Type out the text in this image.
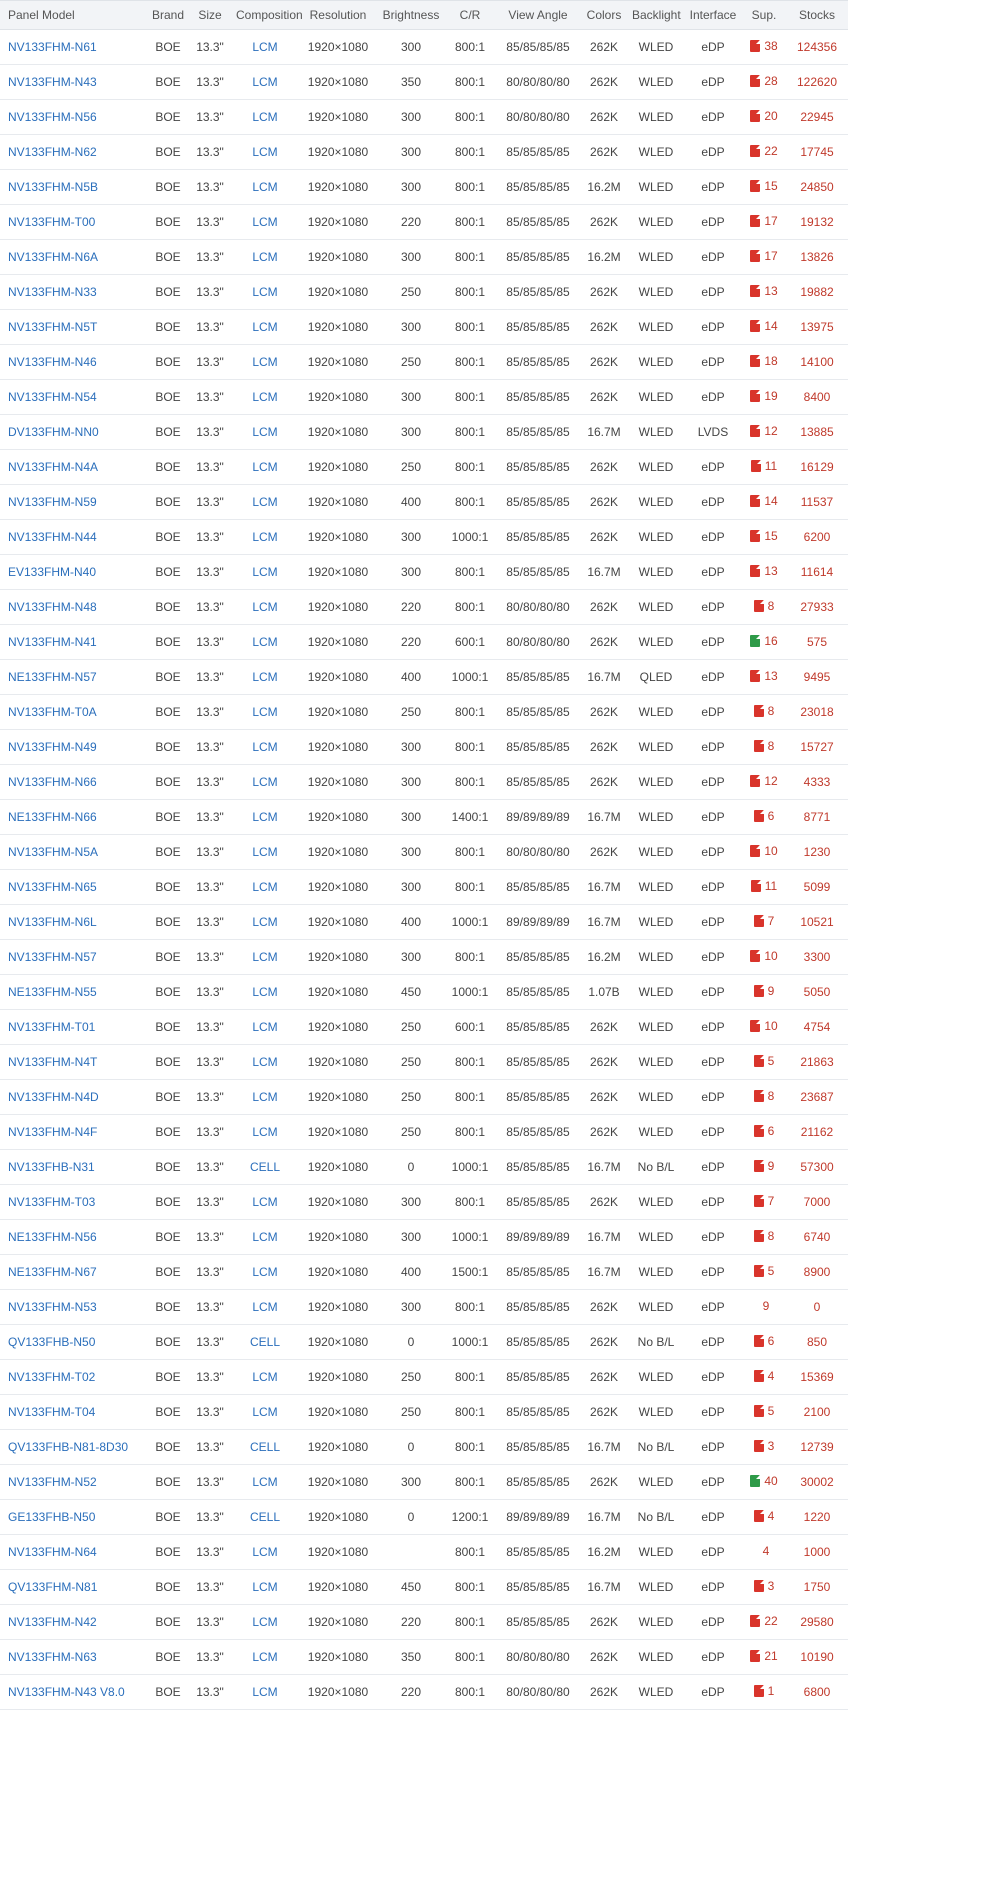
Panel Model	Brand	Size	Composition	Resolution	Brightness	C/R	View Angle	Colors	Backlight	Interface	Sup.	Stocks
NV133FHM-N61	BOE	13.3"	LCM	1920×1080	300	800:1	85/85/85/85	262K	WLED	eDP	38	124356
NV133FHM-N43	BOE	13.3"	LCM	1920×1080	350	800:1	80/80/80/80	262K	WLED	eDP	28	122620
NV133FHM-N56	BOE	13.3"	LCM	1920×1080	300	800:1	80/80/80/80	262K	WLED	eDP	20	22945
NV133FHM-N62	BOE	13.3"	LCM	1920×1080	300	800:1	85/85/85/85	262K	WLED	eDP	22	17745
NV133FHM-N5B	BOE	13.3"	LCM	1920×1080	300	800:1	85/85/85/85	16.2M	WLED	eDP	15	24850
NV133FHM-T00	BOE	13.3"	LCM	1920×1080	220	800:1	85/85/85/85	262K	WLED	eDP	17	19132
NV133FHM-N6A	BOE	13.3"	LCM	1920×1080	300	800:1	85/85/85/85	16.2M	WLED	eDP	17	13826
NV133FHM-N33	BOE	13.3"	LCM	1920×1080	250	800:1	85/85/85/85	262K	WLED	eDP	13	19882
NV133FHM-N5T	BOE	13.3"	LCM	1920×1080	300	800:1	85/85/85/85	262K	WLED	eDP	14	13975
NV133FHM-N46	BOE	13.3"	LCM	1920×1080	250	800:1	85/85/85/85	262K	WLED	eDP	18	14100
NV133FHM-N54	BOE	13.3"	LCM	1920×1080	300	800:1	85/85/85/85	262K	WLED	eDP	19	8400
DV133FHM-NN0	BOE	13.3"	LCM	1920×1080	300	800:1	85/85/85/85	16.7M	WLED	LVDS	12	13885
NV133FHM-N4A	BOE	13.3"	LCM	1920×1080	250	800:1	85/85/85/85	262K	WLED	eDP	11	16129
NV133FHM-N59	BOE	13.3"	LCM	1920×1080	400	800:1	85/85/85/85	262K	WLED	eDP	14	11537
NV133FHM-N44	BOE	13.3"	LCM	1920×1080	300	1000:1	85/85/85/85	262K	WLED	eDP	15	6200
EV133FHM-N40	BOE	13.3"	LCM	1920×1080	300	800:1	85/85/85/85	16.7M	WLED	eDP	13	11614
NV133FHM-N48	BOE	13.3"	LCM	1920×1080	220	800:1	80/80/80/80	262K	WLED	eDP	8	27933
NV133FHM-N41	BOE	13.3"	LCM	1920×1080	220	600:1	80/80/80/80	262K	WLED	eDP	16	575
NE133FHM-N57	BOE	13.3"	LCM	1920×1080	400	1000:1	85/85/85/85	16.7M	QLED	eDP	13	9495
NV133FHM-T0A	BOE	13.3"	LCM	1920×1080	250	800:1	85/85/85/85	262K	WLED	eDP	8	23018
NV133FHM-N49	BOE	13.3"	LCM	1920×1080	300	800:1	85/85/85/85	262K	WLED	eDP	8	15727
NV133FHM-N66	BOE	13.3"	LCM	1920×1080	300	800:1	85/85/85/85	262K	WLED	eDP	12	4333
NE133FHM-N66	BOE	13.3"	LCM	1920×1080	300	1400:1	89/89/89/89	16.7M	WLED	eDP	6	8771
NV133FHM-N5A	BOE	13.3"	LCM	1920×1080	300	800:1	80/80/80/80	262K	WLED	eDP	10	1230
NV133FHM-N65	BOE	13.3"	LCM	1920×1080	300	800:1	85/85/85/85	16.7M	WLED	eDP	11	5099
NV133FHM-N6L	BOE	13.3"	LCM	1920×1080	400	1000:1	89/89/89/89	16.7M	WLED	eDP	7	10521
NV133FHM-N57	BOE	13.3"	LCM	1920×1080	300	800:1	85/85/85/85	16.2M	WLED	eDP	10	3300
NE133FHM-N55	BOE	13.3"	LCM	1920×1080	450	1000:1	85/85/85/85	1.07B	WLED	eDP	9	5050
NV133FHM-T01	BOE	13.3"	LCM	1920×1080	250	600:1	85/85/85/85	262K	WLED	eDP	10	4754
NV133FHM-N4T	BOE	13.3"	LCM	1920×1080	250	800:1	85/85/85/85	262K	WLED	eDP	5	21863
NV133FHM-N4D	BOE	13.3"	LCM	1920×1080	250	800:1	85/85/85/85	262K	WLED	eDP	8	23687
NV133FHM-N4F	BOE	13.3"	LCM	1920×1080	250	800:1	85/85/85/85	262K	WLED	eDP	6	21162
NV133FHB-N31	BOE	13.3"	CELL	1920×1080	0	1000:1	85/85/85/85	16.7M	No B/L	eDP	9	57300
NV133FHM-T03	BOE	13.3"	LCM	1920×1080	300	800:1	85/85/85/85	262K	WLED	eDP	7	7000
NE133FHM-N56	BOE	13.3"	LCM	1920×1080	300	1000:1	89/89/89/89	16.7M	WLED	eDP	8	6740
NE133FHM-N67	BOE	13.3"	LCM	1920×1080	400	1500:1	85/85/85/85	16.7M	WLED	eDP	5	8900
NV133FHM-N53	BOE	13.3"	LCM	1920×1080	300	800:1	85/85/85/85	262K	WLED	eDP	9	0
QV133FHB-N50	BOE	13.3"	CELL	1920×1080	0	1000:1	85/85/85/85	262K	No B/L	eDP	6	850
NV133FHM-T02	BOE	13.3"	LCM	1920×1080	250	800:1	85/85/85/85	262K	WLED	eDP	4	15369
NV133FHM-T04	BOE	13.3"	LCM	1920×1080	250	800:1	85/85/85/85	262K	WLED	eDP	5	2100
QV133FHB-N81-8D30	BOE	13.3"	CELL	1920×1080	0	800:1	85/85/85/85	16.7M	No B/L	eDP	3	12739
NV133FHM-N52	BOE	13.3"	LCM	1920×1080	300	800:1	85/85/85/85	262K	WLED	eDP	40	30002
GE133FHB-N50	BOE	13.3"	CELL	1920×1080	0	1200:1	89/89/89/89	16.7M	No B/L	eDP	4	1220
NV133FHM-N64	BOE	13.3"	LCM	1920×1080		800:1	85/85/85/85	16.2M	WLED	eDP	4	1000
QV133FHM-N81	BOE	13.3"	LCM	1920×1080	450	800:1	85/85/85/85	16.7M	WLED	eDP	3	1750
NV133FHM-N42	BOE	13.3"	LCM	1920×1080	220	800:1	85/85/85/85	262K	WLED	eDP	22	29580
NV133FHM-N63	BOE	13.3"	LCM	1920×1080	350	800:1	80/80/80/80	262K	WLED	eDP	21	10190
NV133FHM-N43 V8.0	BOE	13.3"	LCM	1920×1080	220	800:1	80/80/80/80	262K	WLED	eDP	1	6800
